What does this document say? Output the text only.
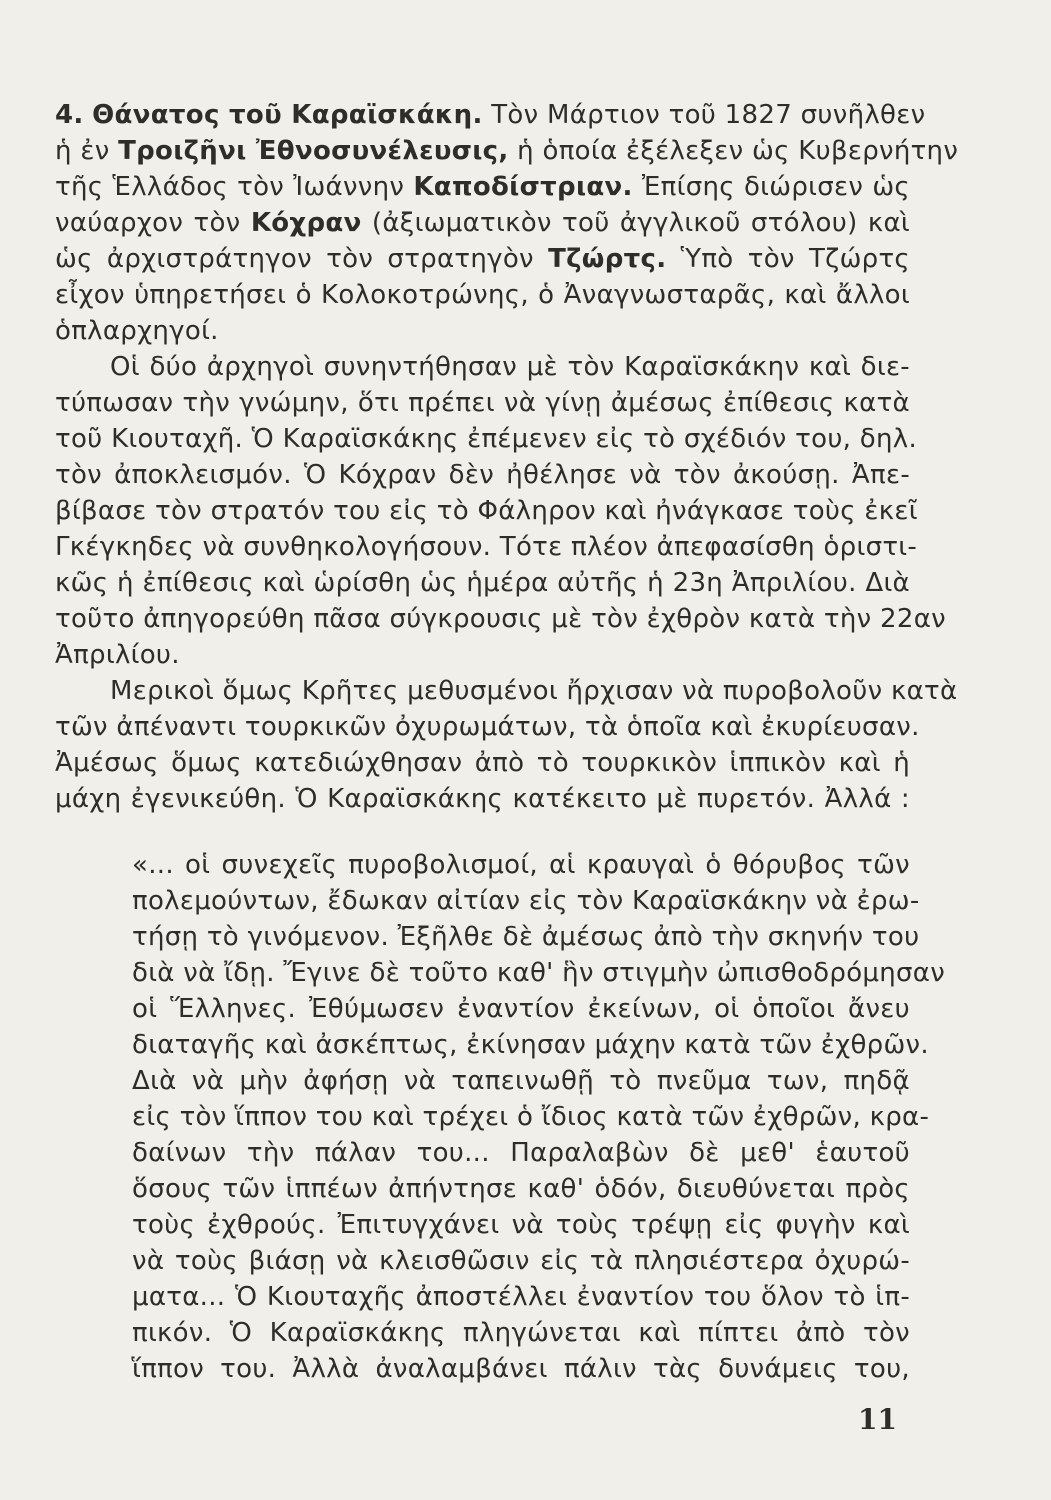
4. Θάνατος τοῦ Καραϊσκάκη. Τὸν Μάρτιον τοῦ 1827 συνῆλθεν
ἡ ἐν Τροιζῆνι Ἐθνοσυνέλευσις, ἡ ὁποία ἐξέλεξεν ὡς Κυβερνήτην
τῆς Ἑλλάδος τὸν Ἰωάννην Καποδίστριαν. Ἐπίσης διώρισεν ὡς
ναύαρχον τὸν Κόχραν (ἀξιωματικὸν τοῦ ἀγγλικοῦ στόλου) καὶ
ὡς ἀρχιστράτηγον τὸν στρατηγὸν Τζώρτς. Ὑπὸ τὸν Τζώρτς
εἶχον ὑπηρετήσει ὁ Κολοκοτρώνης, ὁ Ἀναγνωσταρᾶς, καὶ ἄλλοι
ὁπλαρχηγοί.
Οἱ δύο ἀρχηγοὶ συνηντήθησαν μὲ τὸν Καραϊσκάκην καὶ διε-
τύπωσαν τὴν γνώμην, ὅτι πρέπει νὰ γίνῃ ἀμέσως ἐπίθεσις κατὰ
τοῦ Κιουταχῆ. Ὁ Καραϊσκάκης ἐπέμενεν εἰς τὸ σχέδιόν του, δηλ.
τὸν ἀποκλεισμόν. Ὁ Κόχραν δὲν ἠθέλησε νὰ τὸν ἀκούσῃ. Ἀπε-
βίβασε τὸν στρατόν του εἰς τὸ Φάληρον καὶ ἠνάγκασε τοὺς ἐκεῖ
Γκέγκηδες νὰ συνθηκολογήσουν. Τότε πλέον ἀπεφασίσθη ὁριστι-
κῶς ἡ ἐπίθεσις καὶ ὡρίσθη ὡς ἡμέρα αὐτῆς ἡ 23η Ἀπριλίου. Διὰ
τοῦτο ἀπηγορεύθη πᾶσα σύγκρουσις μὲ τὸν ἐχθρὸν κατὰ τὴν 22αν
Ἀπριλίου.
Μερικοὶ ὅμως Κρῆτες μεθυσμένοι ἤρχισαν νὰ πυροβολοῦν κατὰ
τῶν ἀπέναντι τουρκικῶν ὀχυρωμάτων, τὰ ὁποῖα καὶ ἐκυρίευσαν.
Ἀμέσως ὅμως κατεδιώχθησαν ἀπὸ τὸ τουρκικὸν ἱππικὸν καὶ ἡ
μάχη ἐγενικεύθη. Ὁ Καραϊσκάκης κατέκειτο μὲ πυρετόν. Ἀλλά :
«... οἱ συνεχεῖς πυροβολισμοί, αἱ κραυγαὶ ὁ θόρυβος τῶν
πολεμούντων, ἔδωκαν αἰτίαν εἰς τὸν Καραϊσκάκην νὰ ἐρω-
τήσῃ τὸ γινόμενον. Ἐξῆλθε δὲ ἀμέσως ἀπὸ τὴν σκηνήν του
διὰ νὰ ἴδῃ. Ἔγινε δὲ τοῦτο καθ' ἣν στιγμὴν ὠπισθοδρόμησαν
οἱ Ἕλληνες. Ἐθύμωσεν ἐναντίον ἐκείνων, οἱ ὁποῖοι ἄνευ
διαταγῆς καὶ ἀσκέπτως, ἐκίνησαν μάχην κατὰ τῶν ἐχθρῶν.
Διὰ νὰ μὴν ἀφήσῃ νὰ ταπεινωθῇ τὸ πνεῦμα των, πηδᾷ
εἰς τὸν ἵππον του καὶ τρέχει ὁ ἴδιος κατὰ τῶν ἐχθρῶν, κρα-
δαίνων τὴν πάλαν του... Παραλαβὼν δὲ μεθ' ἑαυτοῦ
ὅσους τῶν ἱππέων ἀπήντησε καθ' ὁδόν, διευθύνεται πρὸς
τοὺς ἐχθρούς. Ἐπιτυγχάνει νὰ τοὺς τρέψῃ εἰς φυγὴν καὶ
νὰ τοὺς βιάσῃ νὰ κλεισθῶσιν εἰς τὰ πλησιέστερα ὀχυρώ-
ματα... Ὁ Κιουταχῆς ἀποστέλλει ἐναντίον του ὅλον τὸ ἱπ-
πικόν. Ὁ Καραϊσκάκης πληγώνεται καὶ πίπτει ἀπὸ τὸν
ἵππον του. Ἀλλὰ ἀναλαμβάνει πάλιν τὰς δυνάμεις του,
11
